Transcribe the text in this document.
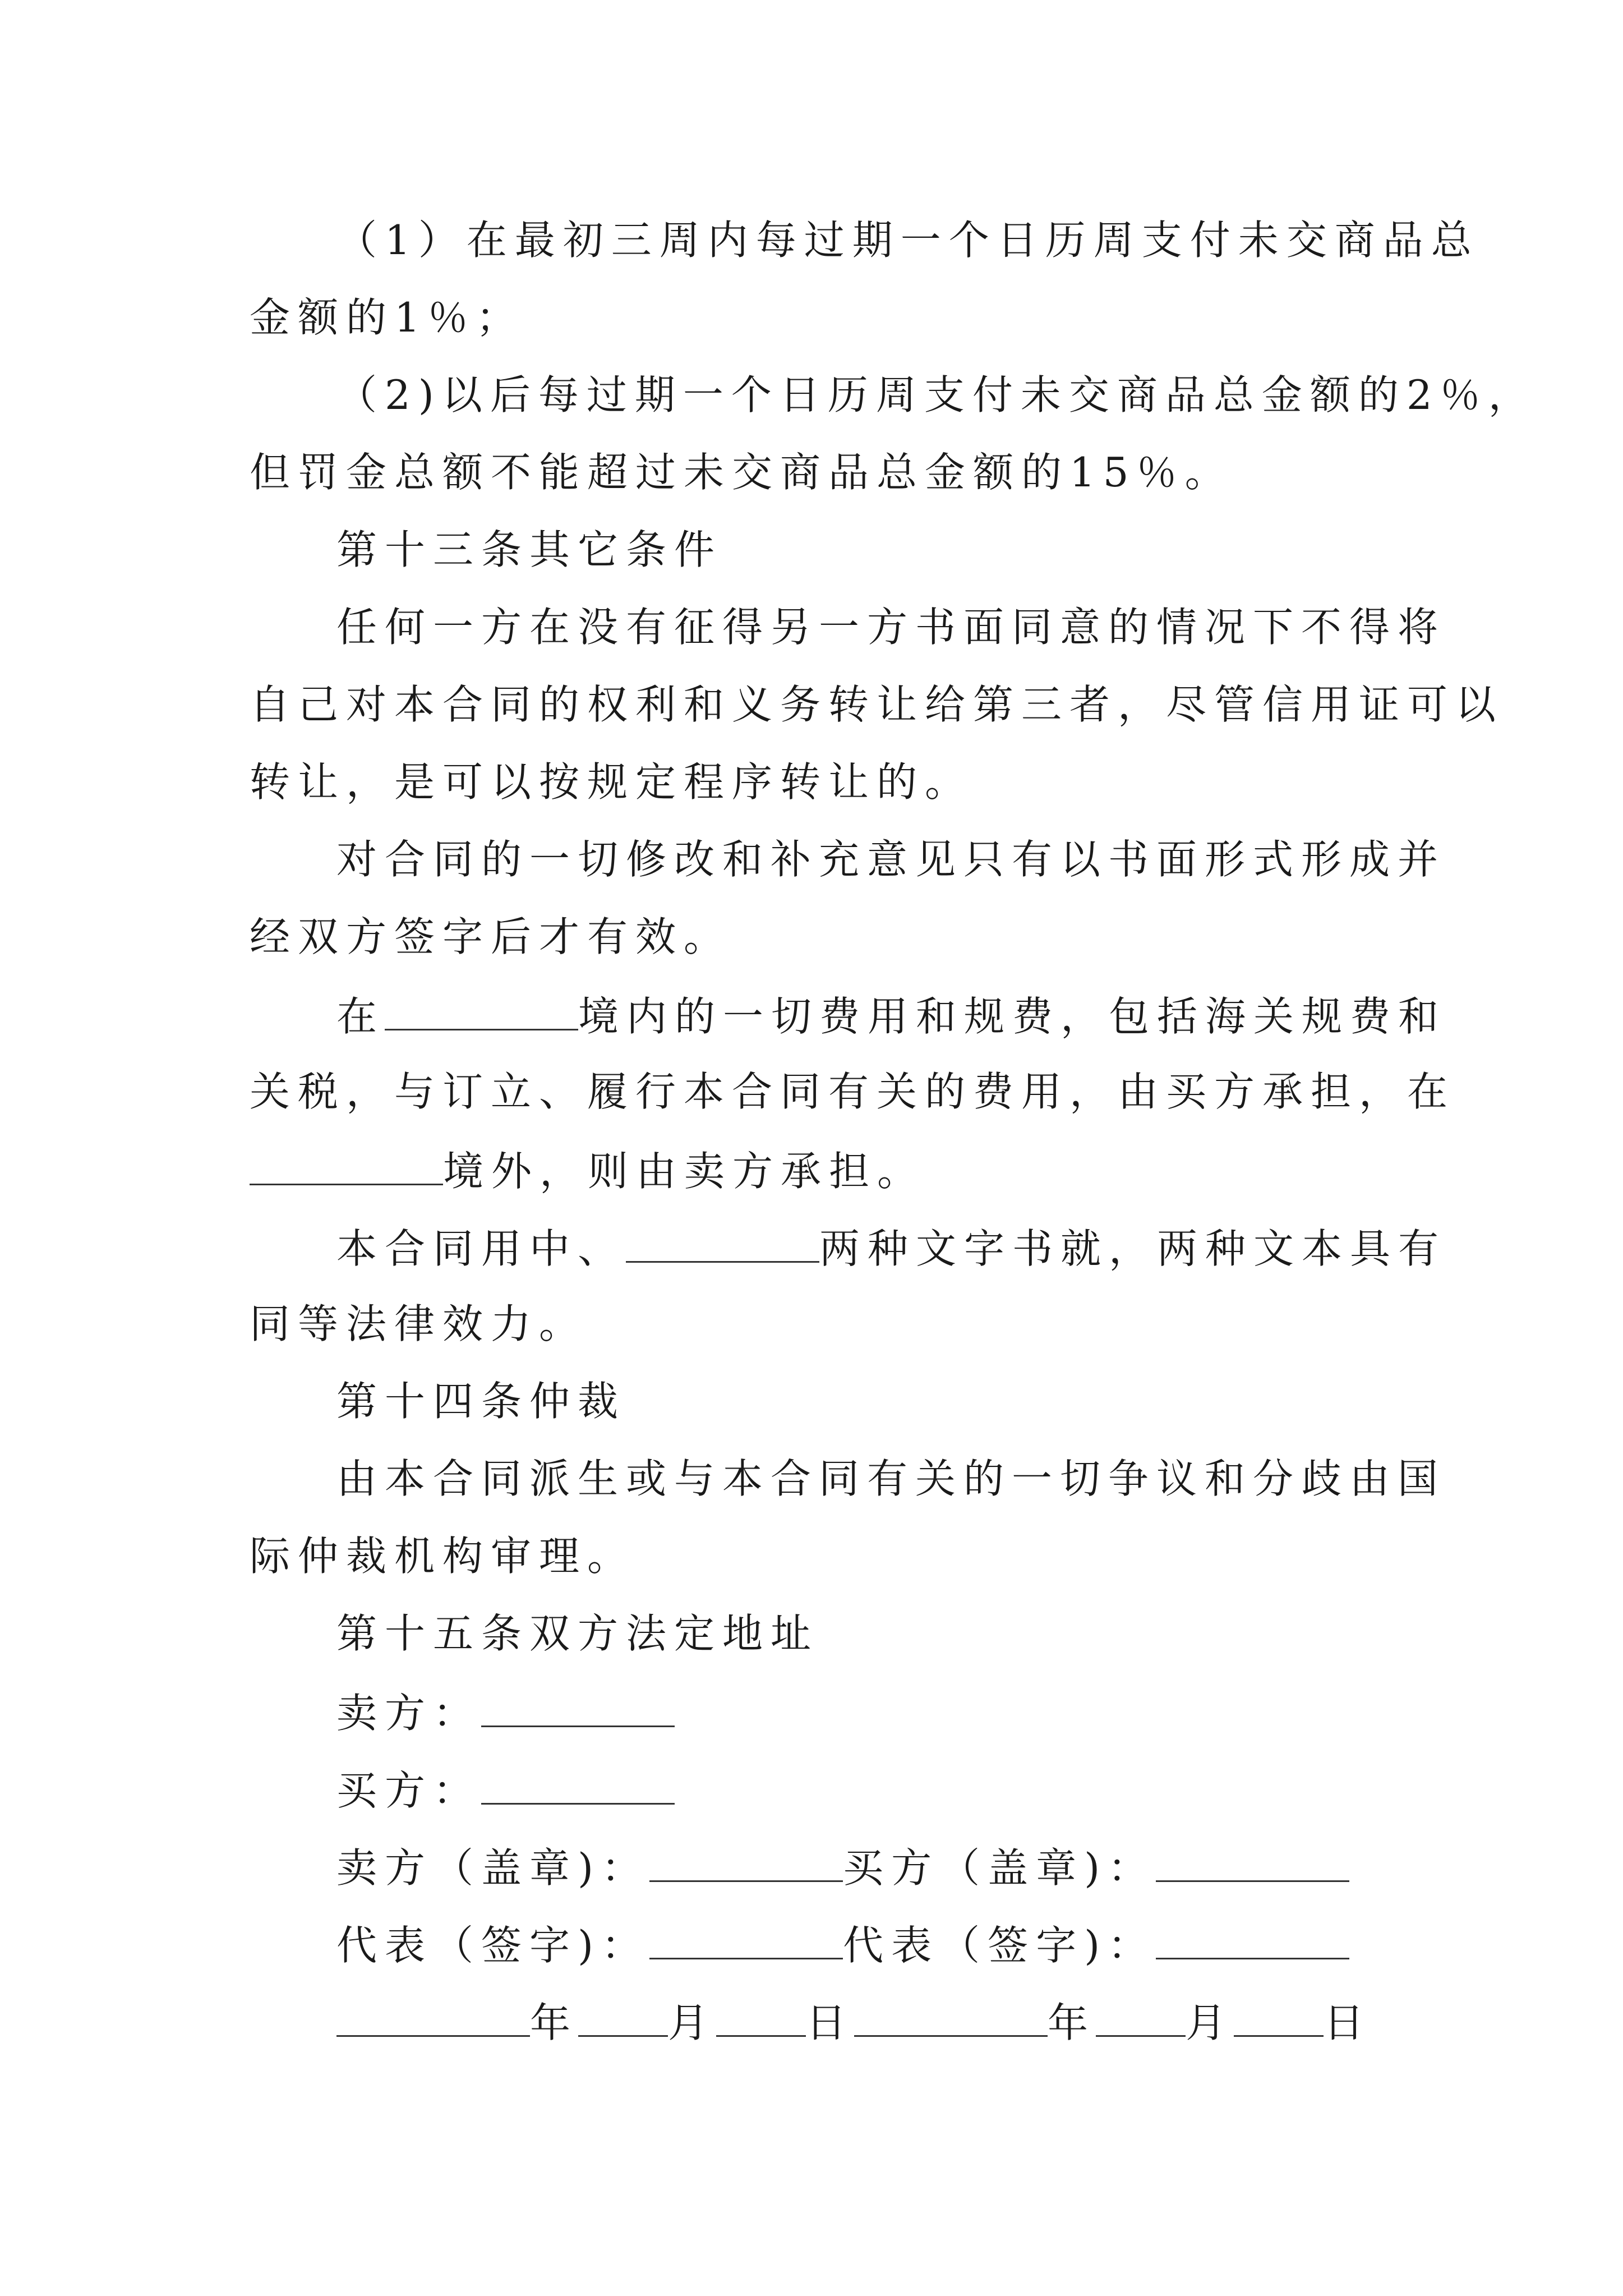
（1）在最初三周内每过期一个日历周支付未交商品总
金额的1％；
（2)以后每过期一个日历周支付未交商品总金额的2％，
但罚金总额不能超过未交商品总金额的15％。
第十三条其它条件
任何一方在没有征得另一方书面同意的情况下不得将
自己对本合同的权利和义务转让给第三者，尽管信用证可以
转让，是可以按规定程序转让的。
对合同的一切修改和补充意见只有以书面形式形成并
经双方签字后才有效。
在	境内的一切费用和规费，包括海关规费和
关税，与订立、履行本合同有关的费用，由买方承担，在
境外，则由卖方承担。
本合同用中、	两种文字书就，两种文本具有
同等法律效力。
第十四条仲裁
由本合同派生或与本合同有关的一切争议和分歧由国
际仲裁机构审理。
第十五条双方法定地址
卖方：
买方：
卖方（盖章)：	买方（盖章)：
代表（签字)：	代表（签字)：
年 月 日	年 月 日
